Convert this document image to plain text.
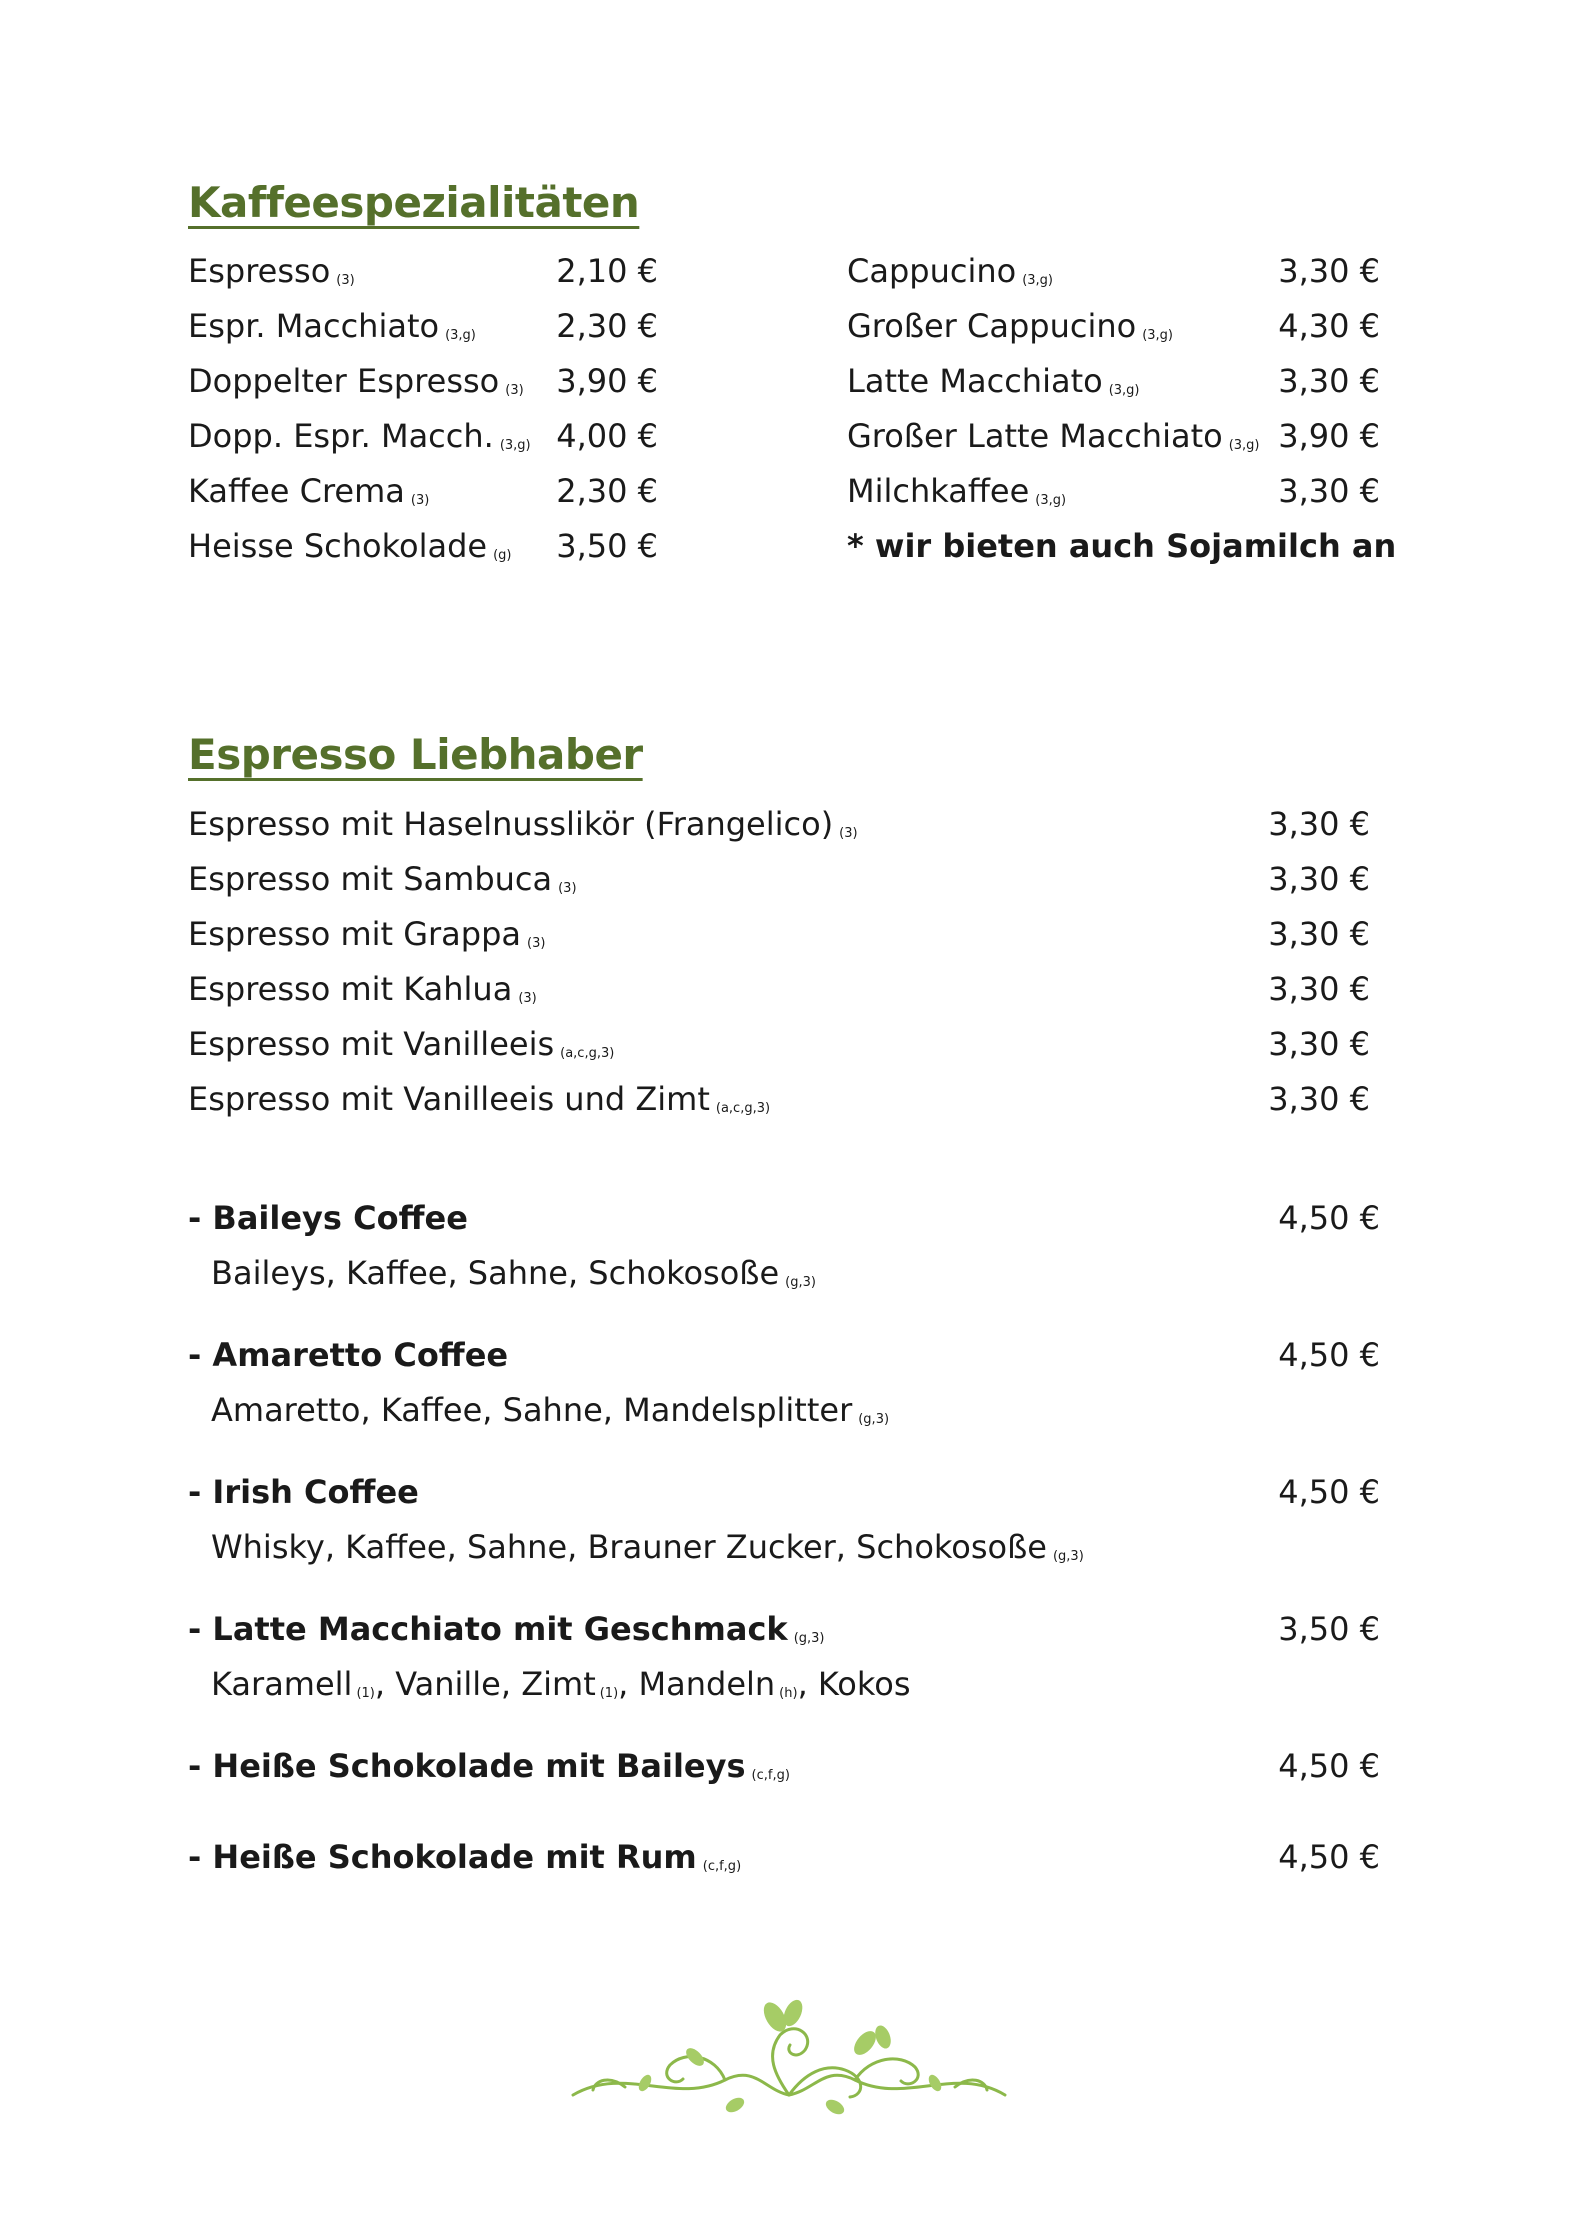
Kaffeespezialitäten
Espresso (3)	2,10 €
Espr. Macchiato (3,g)	2,30 €
Doppelter Espresso (3) 3,90 €
Dopp. Espr. Macch. (3,g) 4,00 €
Kaffee Crema (3)	2,30 €
Heisse Schokolade (g) 3,50 €
Cappucino (3,g)	3,30 €
Großer Cappucino (3,g)	4,30 €
Latte Macchiato (3,g)	3,30 €
Großer Latte Macchiato (3,g) 3,90 €
Milchkaffee (3,g)	3,30 €
* wir bieten auch Sojamilch an
Espresso Liebhaber
Espresso mit Haselnusslikör (Frangelico) (3)	3,30 €
Espresso mit Sambuca (3)	3,30 €
Espresso mit Grappa (3)	3,30 €
Espresso mit Kahlua (3)	3,30 €
Espresso mit Vanilleeis (a,c,g,3)	3,30 €
Espresso mit Vanilleeis und Zimt (a,c,g,3)	3,30 €
- Baileys Coffee	4,50 €
Baileys, Kaffee, Sahne, Schokosoße (g,3)
- Amaretto Coffee	4,50 €
Amaretto, Kaffee, Sahne, Mandelsplitter (g,3)
- Irish Coffee	4,50 €
Whisky, Kaffee, Sahne, Brauner Zucker, Schokosoße (g,3)
- Latte Macchiato mit Geschmack (g,3)	3,50 €
Karamell (1), Vanille, Zimt (1), Mandeln (h), Kokos
- Heiße Schokolade mit Baileys (c,f,g)	4,50 €
- Heiße Schokolade mit Rum (c,f,g)	4,50 €
